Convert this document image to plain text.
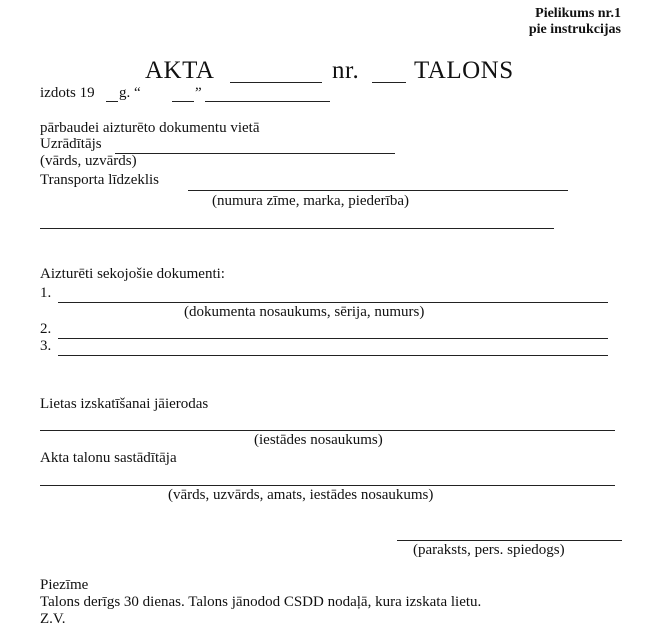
Pielikums nr.1
pie instrukcijas
AKTA	nr. TALONS
izdots 19 g. “	”
pārbaudei aizturēto dokumentu vietā
Uzrādītājs
(vārds, uzvārds)
Transporta līdzeklis
(numura zīme, marka, piederība)
Aizturēti sekojošie dokumenti:
1.
(dokumenta nosaukums, sērija, numurs)
2.
3.
Lietas izskatīšanai jāierodas
(iestādes nosaukums)
Akta talonu sastādītāja
(vārds, uzvārds, amats, iestādes nosaukums)
(paraksts, pers. spiedogs)
Piezīme
Talons derīgs 30 dienas. Talons jānodod CSDD nodaļā, kura izskata lietu.
Z.V.
